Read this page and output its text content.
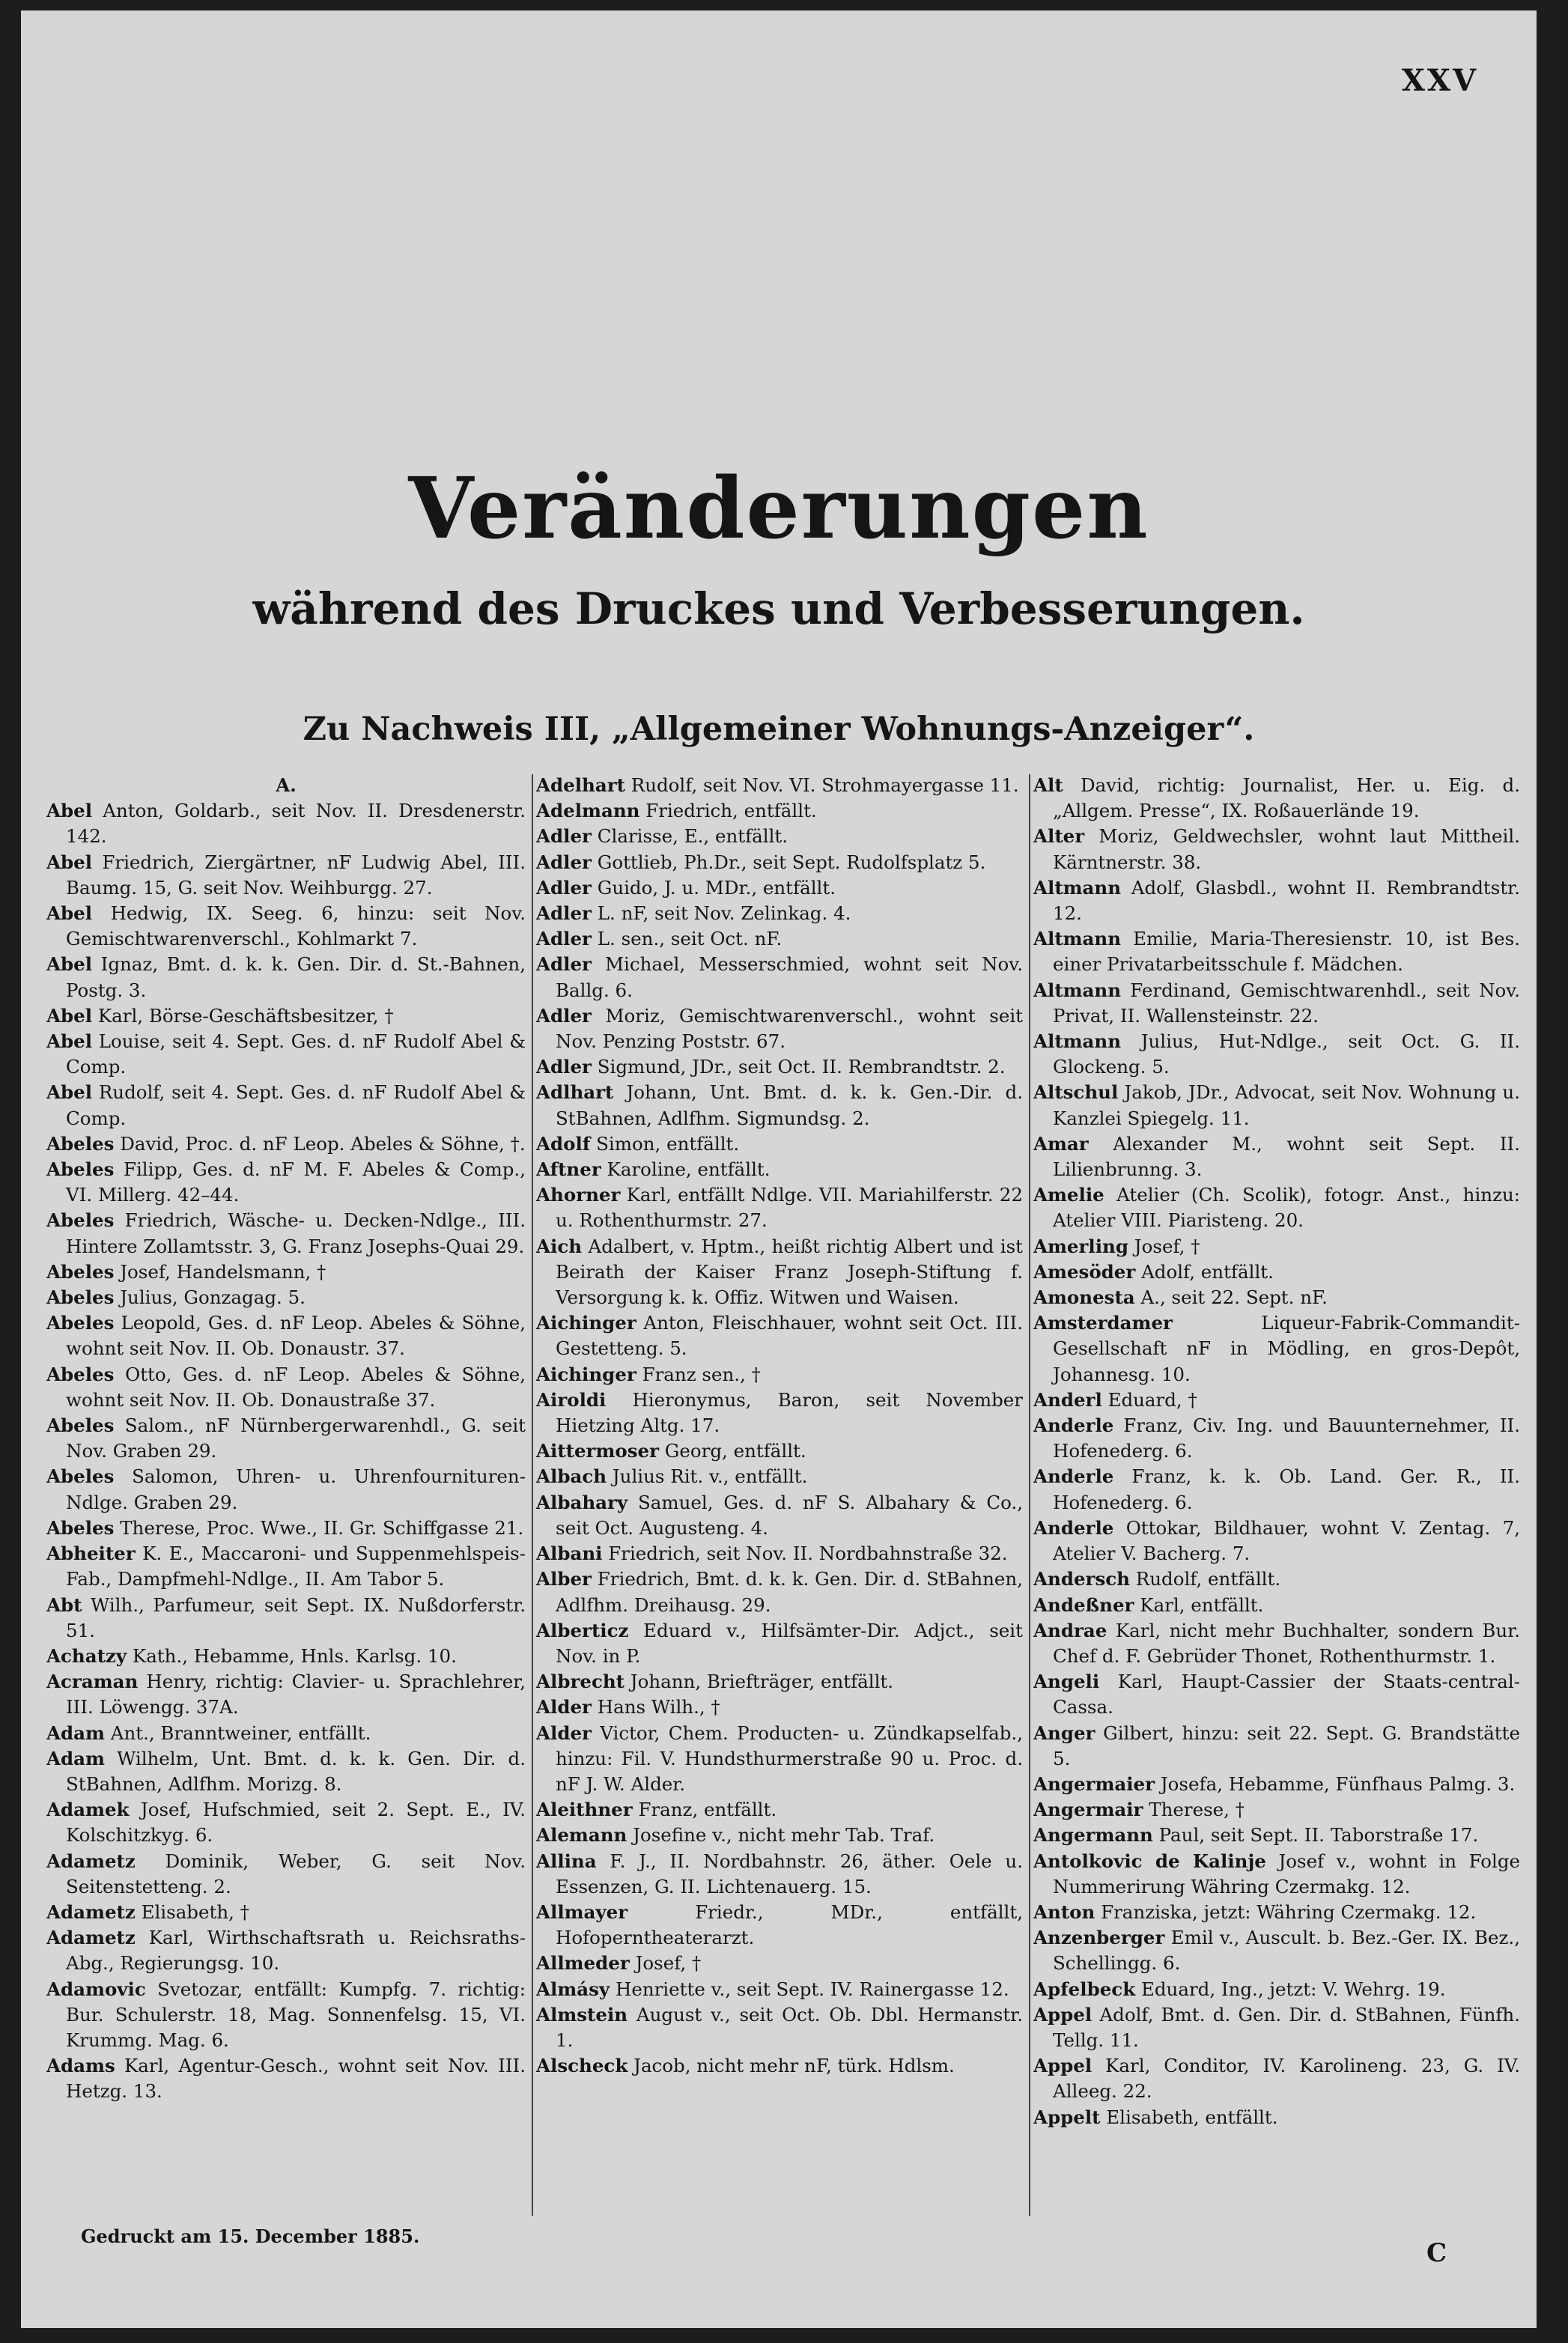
XXV
Veränderungen
während des Druckes und Verbesserungen.
Zu Nachweis III, „Allgemeiner Wohnungs-Anzeiger“.

A.

Abel Anton, Goldarb., seit Nov. II. Dresdenerstr. 142.

Abel Friedrich, Ziergärtner, nF Ludwig Abel, III. Baumg. 15, G. seit Nov. Weihburgg. 27.

Abel Hedwig, IX. Seeg. 6, hinzu: seit Nov. Gemischtwarenverschl., Kohlmarkt 7.

Abel Ignaz, Bmt. d. k. k. Gen. Dir. d. St.-Bahnen, Postg. 3.

Abel Karl, Börse-Geschäftsbesitzer, †

Abel Louise, seit 4. Sept. Ges. d. nF Rudolf Abel & Comp.

Abel Rudolf, seit 4. Sept. Ges. d. nF Rudolf Abel & Comp.

Abeles David, Proc. d. nF Leop. Abeles & Söhne, †.

Abeles Filipp, Ges. d. nF M. F. Abeles & Comp., VI. Millerg. 42–44.

Abeles Friedrich, Wäsche- u. Decken-Ndlge., III. Hintere Zollamtsstr. 3, G. Franz Josephs-Quai 29.

Abeles Josef, Handelsmann, †

Abeles Julius, Gonzagag. 5.

Abeles Leopold, Ges. d. nF Leop. Abeles & Söhne, wohnt seit Nov. II. Ob. Donaustr. 37.

Abeles Otto, Ges. d. nF Leop. Abeles & Söhne, wohnt seit Nov. II. Ob. Donaustraße 37.

Abeles Salom., nF Nürnbergerwarenhdl., G. seit Nov. Graben 29.

Abeles Salomon, Uhren- u. Uhrenfournituren-Ndlge. Graben 29.

Abeles Therese, Proc. Wwe., II. Gr. Schiffgasse 21.

Abheiter K. E., Maccaroni- und Suppenmehlspeis-Fab., Dampfmehl-Ndlge., II. Am Tabor 5.

Abt Wilh., Parfumeur, seit Sept. IX. Nußdorferstr. 51.

Achatzy Kath., Hebamme, Hnls. Karlsg. 10.

Acraman Henry, richtig: Clavier- u. Sprachlehrer, III. Löwengg. 37A.

Adam Ant., Branntweiner, entfällt.

Adam Wilhelm, Unt. Bmt. d. k. k. Gen. Dir. d. StBahnen, Adlfhm. Morizg. 8.

Adamek Josef, Hufschmied, seit 2. Sept. E., IV. Kolschitzkyg. 6.

Adametz Dominik, Weber, G. seit Nov. Seitenstetteng. 2.

Adametz Elisabeth, †

Adametz Karl, Wirthschaftsrath u. Reichsraths-Abg., Regierungsg. 10.

Adamovic Svetozar, entfällt: Kumpfg. 7. richtig: Bur. Schulerstr. 18, Mag. Sonnenfelsg. 15, VI. Krummg. Mag. 6.

Adams Karl, Agentur-Gesch., wohnt seit Nov. III. Hetzg. 13.

Adelhart Rudolf, seit Nov. VI. Strohmayergasse 11.

Adelmann Friedrich, entfällt.

Adler Clarisse, E., entfällt.

Adler Gottlieb, Ph.Dr., seit Sept. Rudolfsplatz 5.

Adler Guido, J. u. MDr., entfällt.

Adler L. nF, seit Nov. Zelinkag. 4.

Adler L. sen., seit Oct. nF.

Adler Michael, Messerschmied, wohnt seit Nov. Ballg. 6.

Adler Moriz, Gemischtwarenverschl., wohnt seit Nov. Penzing Poststr. 67.

Adler Sigmund, JDr., seit Oct. II. Rembrandtstr. 2.

Adlhart Johann, Unt. Bmt. d. k. k. Gen.-Dir. d. StBahnen, Adlfhm. Sigmundsg. 2.

Adolf Simon, entfällt.

Aftner Karoline, entfällt.

Ahorner Karl, entfällt Ndlge. VII. Mariahilferstr. 22 u. Rothenthurmstr. 27.

Aich Adalbert, v. Hptm., heißt richtig Albert und ist Beirath der Kaiser Franz Joseph-Stiftung f. Versorgung k. k. Offiz. Witwen und Waisen.

Aichinger Anton, Fleischhauer, wohnt seit Oct. III. Gestetteng. 5.

Aichinger Franz sen., †

Airoldi Hieronymus, Baron, seit November Hietzing Altg. 17.

Aittermoser Georg, entfällt.

Albach Julius Rit. v., entfällt.

Albahary Samuel, Ges. d. nF S. Albahary & Co., seit Oct. Augusteng. 4.

Albani Friedrich, seit Nov. II. Nordbahnstraße 32.

Alber Friedrich, Bmt. d. k. k. Gen. Dir. d. StBahnen, Adlfhm. Dreihausg. 29.

Alberticz Eduard v., Hilfsämter-Dir. Adjct., seit Nov. in P.

Albrecht Johann, Briefträger, entfällt.

Alder Hans Wilh., †

Alder Victor, Chem. Producten- u. Zündkapselfab., hinzu: Fil. V. Hundsthurmerstraße 90 u. Proc. d. nF J. W. Alder.

Aleithner Franz, entfällt.

Alemann Josefine v., nicht mehr Tab. Traf.

Allina F. J., II. Nordbahnstr. 26, äther. Oele u. Essenzen, G. II. Lichtenauerg. 15.

Allmayer	Friedr., MDr., entfällt, Hofoperntheaterarzt.

Allmeder Josef, †

Almásy Henriette v., seit Sept. IV. Rainergasse 12.

Almstein August v., seit Oct. Ob. Dbl. Hermanstr. 1.

Alscheck Jacob, nicht mehr nF, türk. Hdlsm.

Alt David, richtig: Journalist, Her. u. Eig. d. „Allgem. Presse“, IX. Roßauerlände 19.

Alter Moriz, Geldwechsler, wohnt laut Mittheil. Kärntnerstr. 38.

Altmann Adolf, Glasbdl., wohnt II. Rembrandtstr. 12.

Altmann Emilie, Maria-Theresienstr. 10, ist Bes. einer Privatarbeitsschule f. Mädchen.

Altmann Ferdinand, Gemischtwarenhdl., seit Nov. Privat, II. Wallensteinstr. 22.

Altmann Julius, Hut-Ndlge., seit Oct. G. II. Glockeng. 5.

Altschul Jakob, JDr., Advocat, seit Nov. Wohnung u. Kanzlei Spiegelg. 11.

Amar Alexander M., wohnt seit Sept. II. Lilienbrunng. 3.

Amelie Atelier (Ch. Scolik), fotogr. Anst., hinzu: Atelier VIII. Piaristeng. 20.

Amerling Josef, †

Amesöder Adolf, entfällt.

Amonesta A., seit 22. Sept. nF.

Amsterdamer	Liqueur-Fabrik-Commandit-Gesellschaft nF in Mödling, en gros-Depôt, Johannesg. 10.

Anderl Eduard, †

Anderle Franz, Civ. Ing. und Bauunternehmer, II. Hofenederg. 6.

Anderle Franz, k. k. Ob. Land. Ger. R., II. Hofenederg. 6.

Anderle Ottokar, Bildhauer, wohnt V. Zentag. 7, Atelier V. Bacherg. 7.

Andersch Rudolf, entfällt.

Andeßner Karl, entfällt.

Andrae Karl, nicht mehr Buchhalter, sondern Bur. Chef d. F. Gebrüder Thonet, Rothenthurmstr. 1.

Angeli Karl, Haupt-Cassier der Staats-central-Cassa.

Anger Gilbert, hinzu: seit 22. Sept. G. Brandstätte 5.

Angermaier Josefa, Hebamme, Fünfhaus Palmg. 3.

Angermair Therese, †

Angermann Paul, seit Sept. II. Taborstraße 17.

Antolkovic de Kalinje Josef v., wohnt in Folge Nummerirung Währing Czermakg. 12.

Anton Franziska, jetzt: Währing Czermakg. 12.

Anzenberger Emil v., Auscult. b. Bez.-Ger. IX. Bez., Schellingg. 6.

Apfelbeck Eduard, Ing., jetzt: V. Wehrg. 19.

Appel Adolf, Bmt. d. Gen. Dir. d. StBahnen, Fünfh. Tellg. 11.

Appel Karl, Conditor, IV. Karolineng. 23, G. IV. Alleeg. 22.

Appelt Elisabeth, entfällt.

Gedruckt am 15. December 1885.
C
